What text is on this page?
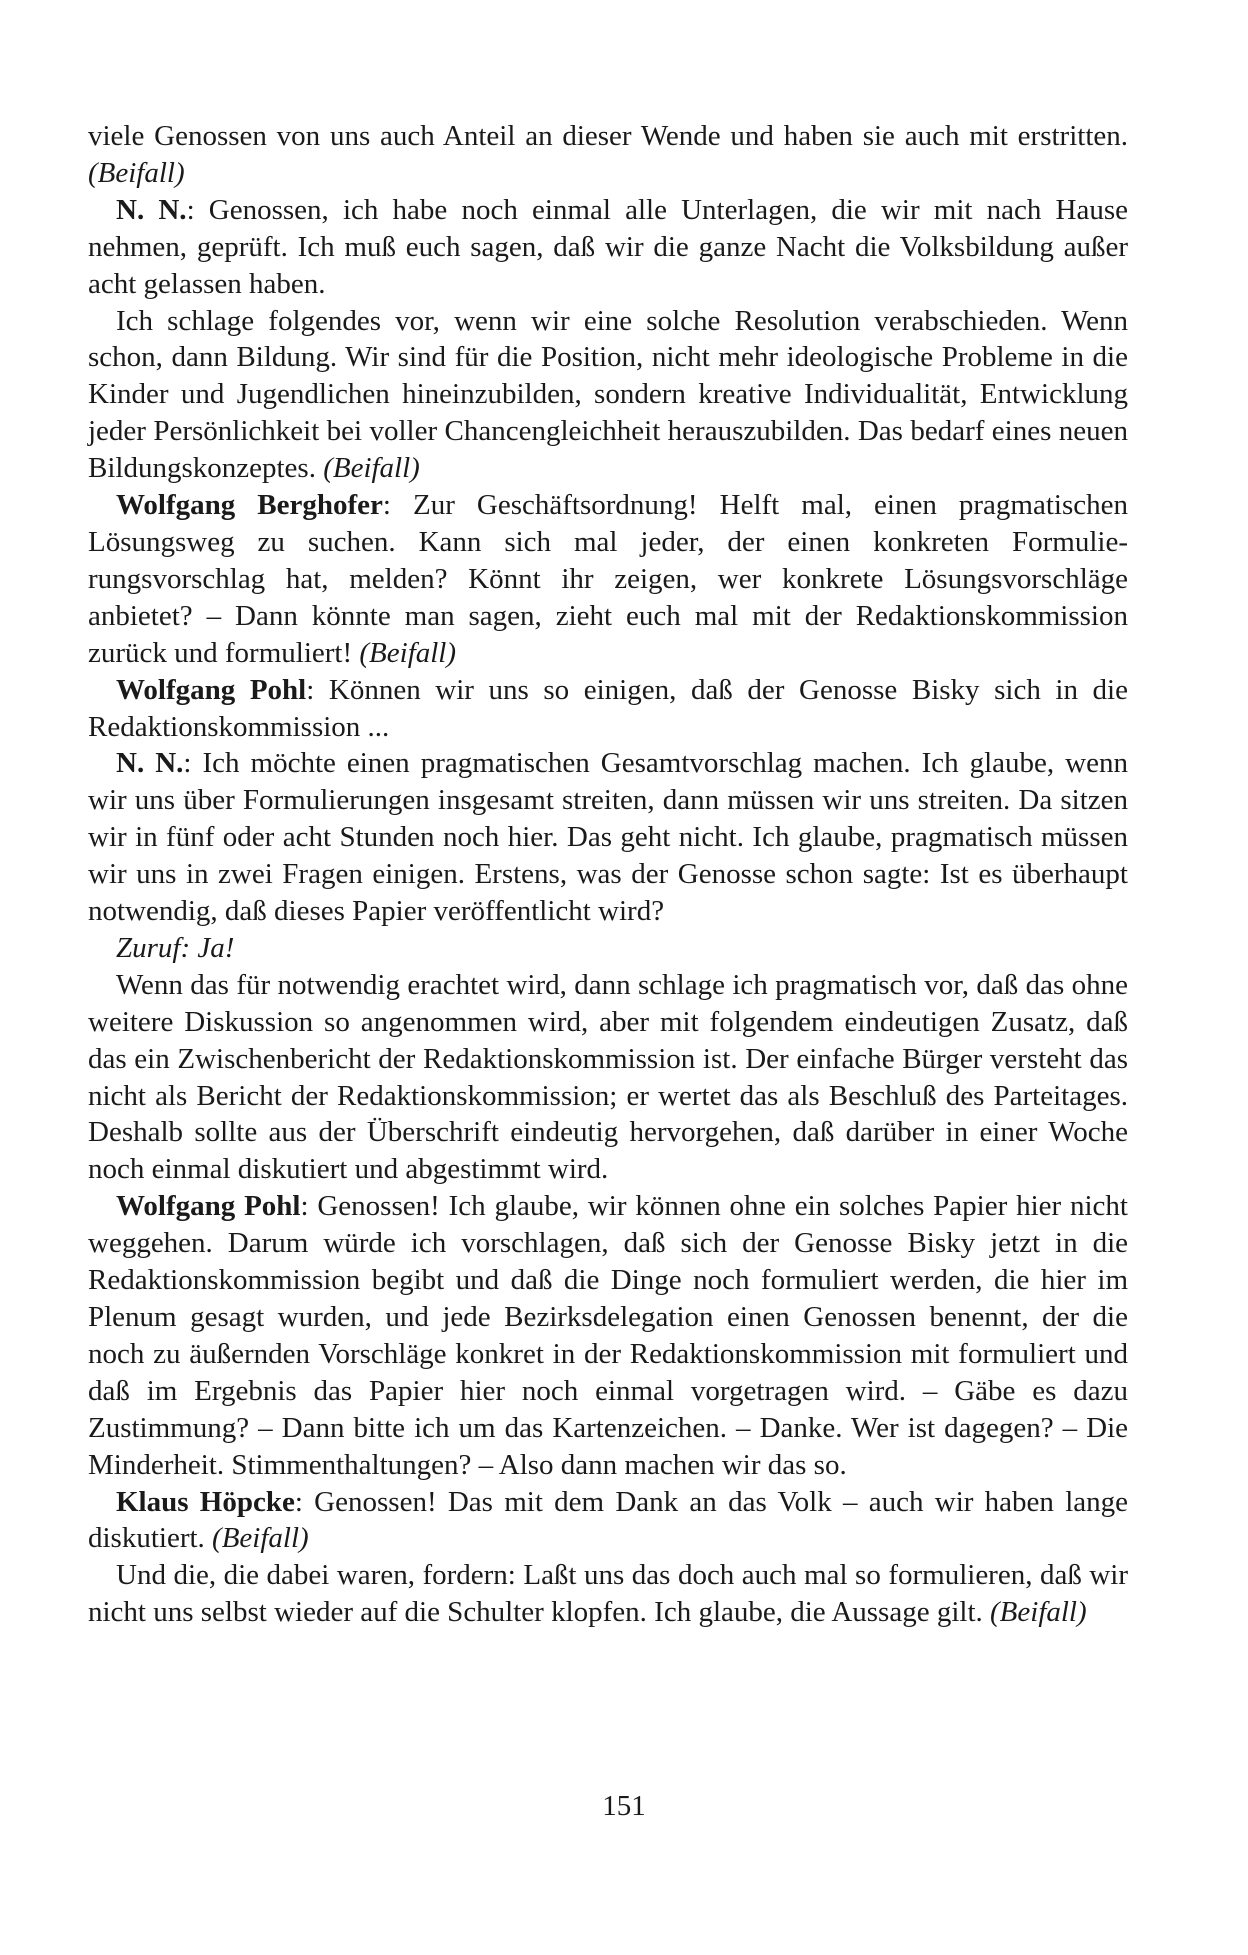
viele Genossen von uns auch Anteil an dieser Wende und haben sie auch mit erstritten. (Beifall)

N. N.: Genossen, ich habe noch einmal alle Unterlagen, die wir mit nach Hause nehmen, geprüft. Ich muß euch sagen, daß wir die ganze Nacht die Volksbildung außer acht gelassen haben.

Ich schlage folgendes vor, wenn wir eine solche Resolution verabschieden. Wenn schon, dann Bildung. Wir sind für die Position, nicht mehr ideologische Probleme in die Kinder und Jugendlichen hineinzubilden, sondern kreative Individualität, Entwicklung jeder Persönlichkeit bei voller Chancengleichheit herauszubilden. Das bedarf eines neuen Bildungskonzeptes. (Beifall)

Wolfgang Berghofer: Zur Geschäftsordnung! Helft mal, einen pragmatischen Lösungsweg zu suchen. Kann sich mal jeder, der einen konkreten Formulierungsvorschlag hat, melden? Könnt ihr zeigen, wer konkrete Lösungsvorschläge anbietet? – Dann könnte man sagen, zieht euch mal mit der Redaktionskommission zurück und formuliert! (Beifall)

Wolfgang Pohl: Können wir uns so einigen, daß der Genosse Bisky sich in die Redaktionskommission ...

N. N.: Ich möchte einen pragmatischen Gesamtvorschlag machen. Ich glaube, wenn wir uns über Formulierungen insgesamt streiten, dann müssen wir uns streiten. Da sitzen wir in fünf oder acht Stunden noch hier. Das geht nicht. Ich glaube, pragmatisch müssen wir uns in zwei Fragen einigen. Erstens, was der Genosse schon sagte: Ist es überhaupt notwendig, daß dieses Papier veröffentlicht wird?

Zuruf: Ja!

Wenn das für notwendig erachtet wird, dann schlage ich pragmatisch vor, daß das ohne weitere Diskussion so angenommen wird, aber mit folgendem eindeutigen Zusatz, daß das ein Zwischenbericht der Redaktionskommission ist. Der einfache Bürger versteht das nicht als Bericht der Redaktionskommission; er wertet das als Beschluß des Parteitages. Deshalb sollte aus der Überschrift eindeutig hervorgehen, daß darüber in einer Woche noch einmal diskutiert und abgestimmt wird.

Wolfgang Pohl: Genossen! Ich glaube, wir können ohne ein solches Papier hier nicht weggehen. Darum würde ich vorschlagen, daß sich der Genosse Bisky jetzt in die Redaktionskommission begibt und daß die Dinge noch formuliert werden, die hier im Plenum gesagt wurden, und jede Bezirksdelegation einen Genossen benennt, der die noch zu äußernden Vorschläge konkret in der Redaktionskommission mit formuliert und daß im Ergebnis das Papier hier noch einmal vorgetragen wird. – Gäbe es dazu Zustimmung? – Dann bitte ich um das Kartenzeichen. – Danke. Wer ist dagegen? – Die Minderheit. Stimmenthaltungen? – Also dann machen wir das so.

Klaus Höpcke: Genossen! Das mit dem Dank an das Volk – auch wir haben lange diskutiert. (Beifall)

Und die, die dabei waren, fordern: Laßt uns das doch auch mal so formulieren, daß wir nicht uns selbst wieder auf die Schulter klopfen. Ich glaube, die Aussage gilt. (Beifall)

151
